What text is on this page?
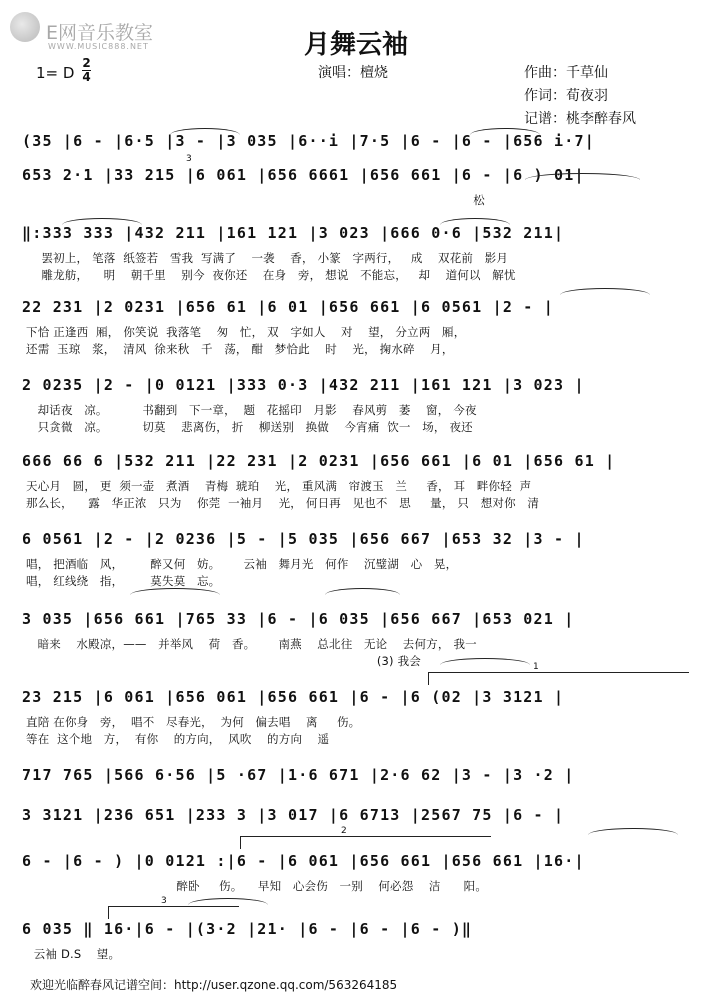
E网音乐教室
WWW.MUSIC888.NET	月舞云袖
1= D
2
4	演唱：檀烧	作曲：千草仙
作词：荀夜羽
记谱：桃李醉春风
(35 |6 - |6·5 |3 - |3 035 |6··i |7·5 |6 - |6 - |656 i·7|
653 2·1 |33 215 |6 061 |656 6661 |656 661 |6 - |6 ) 01|
松
‖:333 333 |432 211 |161 121 |3 023 |666 0·6 |532 211|
罢初上， 笔落  纸签若   雪我  写满了    一袭    香， 小篆   字两行，   成    双花前   影月
雕龙舫，    明    朝千里    别今  夜你还    在身   旁， 想说   不能忘，   却    道何以   解忧
22 231 |2 0231 |656 61 |6 01 |656 661 |6 0561 |2 - |
下恰 正逢西  厢， 你笑说  我落笔    匆   忙， 双   字如人    对    望， 分立两   厢，
还需  玉琼   浆，  清风  徐来秋   千   荡， 酣   梦恰此    时    光， 掬水碎    月，
2 0235 |2 - |0 0121 |333 0·3 |432 211 |161 121 |3 023 |
却话夜   凉。         书翻到   下一章，  题   花摇印   月影    春风剪   萎    窗， 今夜
只贪微   凉。         切莫    悲离伤， 折    柳送别   换做    今宵痛  饮一   场， 夜还
666 66 6 |532 211 |22 231 |2 0231 |656 661 |6 01 |656 61 |
天心月   圆， 更  须一壶   煮酒    青梅  琥珀    光， 重风满   帘渡玉   兰     香， 耳   畔你轻  声
那么长，    露   华正浓   只为    你莞  一袖月    光， 何日再   见也不   思     量， 只   想对你   清
6 0561 |2 - |2 0236 |5 - |5 035 |656 667 |653 32 |3 - |
唱， 把酒临   风，       醉又何   妨。      云袖   舞月光   何作    沉璧湖   心   晃，
唱， 红线绕   指，       莫失莫   忘。
3 035 |656 661 |765 33 |6 - |6 035 |656 667 |653 021 |
暗来    水殿凉，——   并举风    荷   香。      南燕    总北往   无论    去何方， 我一
(3) 我会
23 215 |6 061 |656 061 |656 661 |6 - |6 (02 |3 3121 |
直陪 在你身   旁，  唱不   尽春光，  为何   偏去唱    离     伤。
等在  这个地   方，  有你    的方向，  风吹    的方向    遥
717 765 |566 6·56 |5 ·67 |1·6 671 |2·6 62 |3 - |3 ·2 |
3 3121 |236 651 |233 3 |3 017 |6 6713 |2567 75 |6 - |
6 - |6 - ) |0 0121 :|6 - |6 061 |656 661 |656 661 |16·|
醉卧     伤。    早知   心会伤   一别    何必怨    洁      阳。
6 035 ‖ 16·|6 - |(3·2 |21· |6 - |6 - |6 - )‖
云袖 D.S    望。
3
1
2
3
欢迎光临醉春风记谱空间：http://user.qzone.qq.com/563264185
